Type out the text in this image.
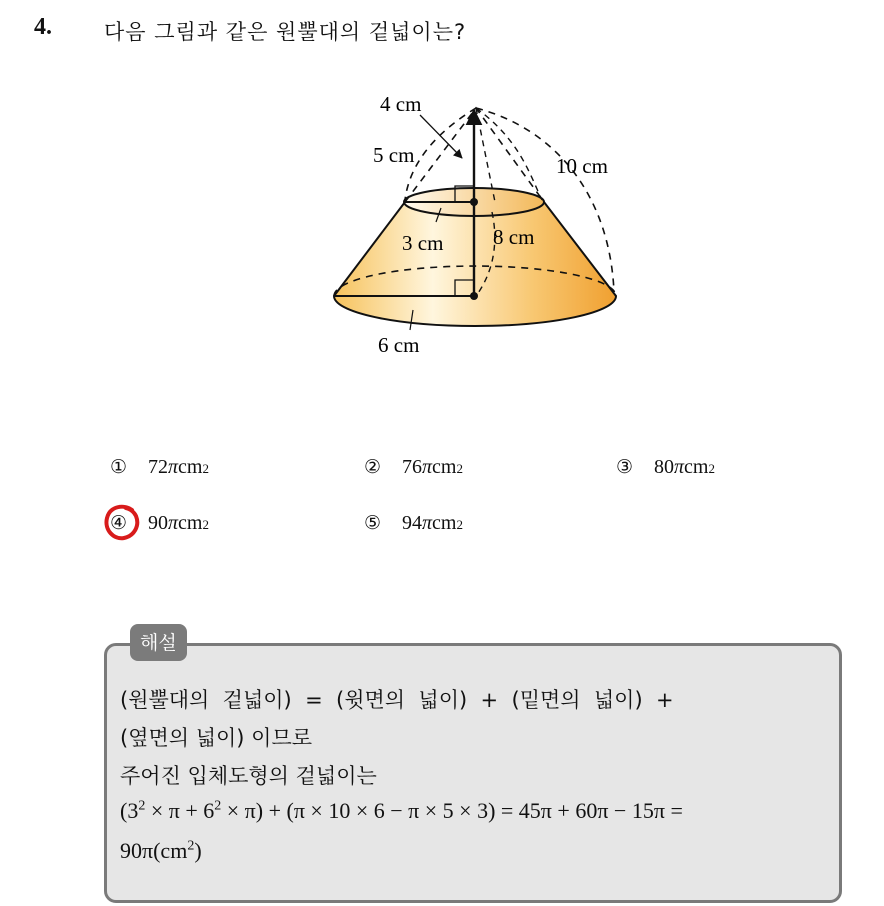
4. 다음 그림과 같은 원뿔대의 겉넓이는?
4 cm
5 cm	10 cm
3 cm 8 cm
6 cm
①	72 π cm 2	②	76 π cm 2	③	80 π cm 2
④	90 π cm 2	⑤	94 π cm 2
해설
(원뿔대의  겉넓이)  =  (윗면의  넓이)  +  (밑면의  넓이)  +
(옆면의 넓이) 이므로
주어진 입체도형의 겉넓이는
$(3^2 \times \pi + 6^2 \times \pi) + (\pi \times 10 \times 6 - \pi \times 5 \times 3) = 45\pi + 60\pi - 15\pi$ =
$90\pi(cm^2)$
